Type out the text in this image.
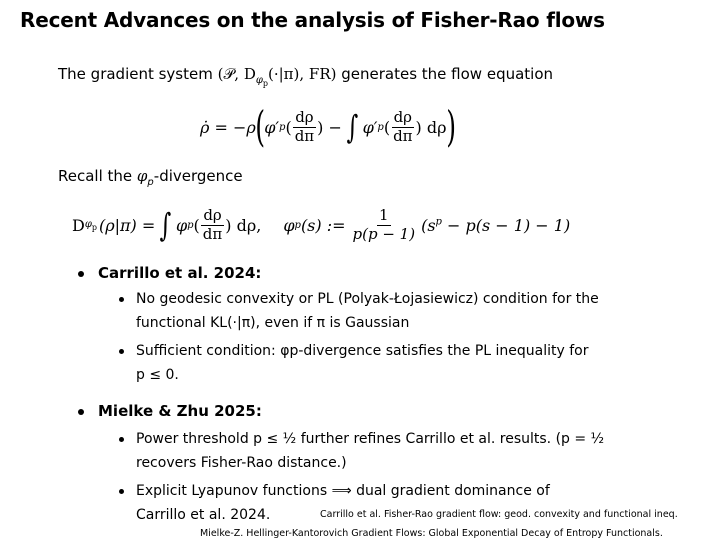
Recent Advances on the analysis of Fisher-Rao flows
The gradient system (𝒫, $D_{\varphi_p}(\cdot|\pi)$, FR) generates the flow equation
ρ̇ = −ρ ( φ′ p ( $\frac{d\rho}{d\pi}$ ) − ∫ φ′ p ( $\frac{d\rho}{d\pi}$ ) dρ )
Recall the $\varphi_p$-divergence
D $\varphi_p$ (ρ|π) = ∫ φ p ( $\frac{d\rho}{d\pi}$ ) dρ, φ p (s) := $\frac{1}{p(p - 1)} (s^p - p(s - 1) - 1)$
Carrillo et al. 2024:
No geodesic convexity or PL (Polyak-Łojasiewicz) condition for the
functional KL(·|π), even if π is Gaussian
Sufficient condition: φp-divergence satisfies the PL inequality for
p ≤ 0.
Mielke & Zhu 2025:
Power threshold p ≤ ½ further refines Carrillo et al. results. (p = ½
recovers Fisher-Rao distance.)
Explicit Lyapunov functions ⟹ dual gradient dominance of
Carrillo et al. 2024.	Carrillo et al. Fisher-Rao gradient flow: geod. convexity and functional ineq.
Mielke-Z. Hellinger-Kantorovich Gradient Flows: Global Exponential Decay of Entropy Functionals.
